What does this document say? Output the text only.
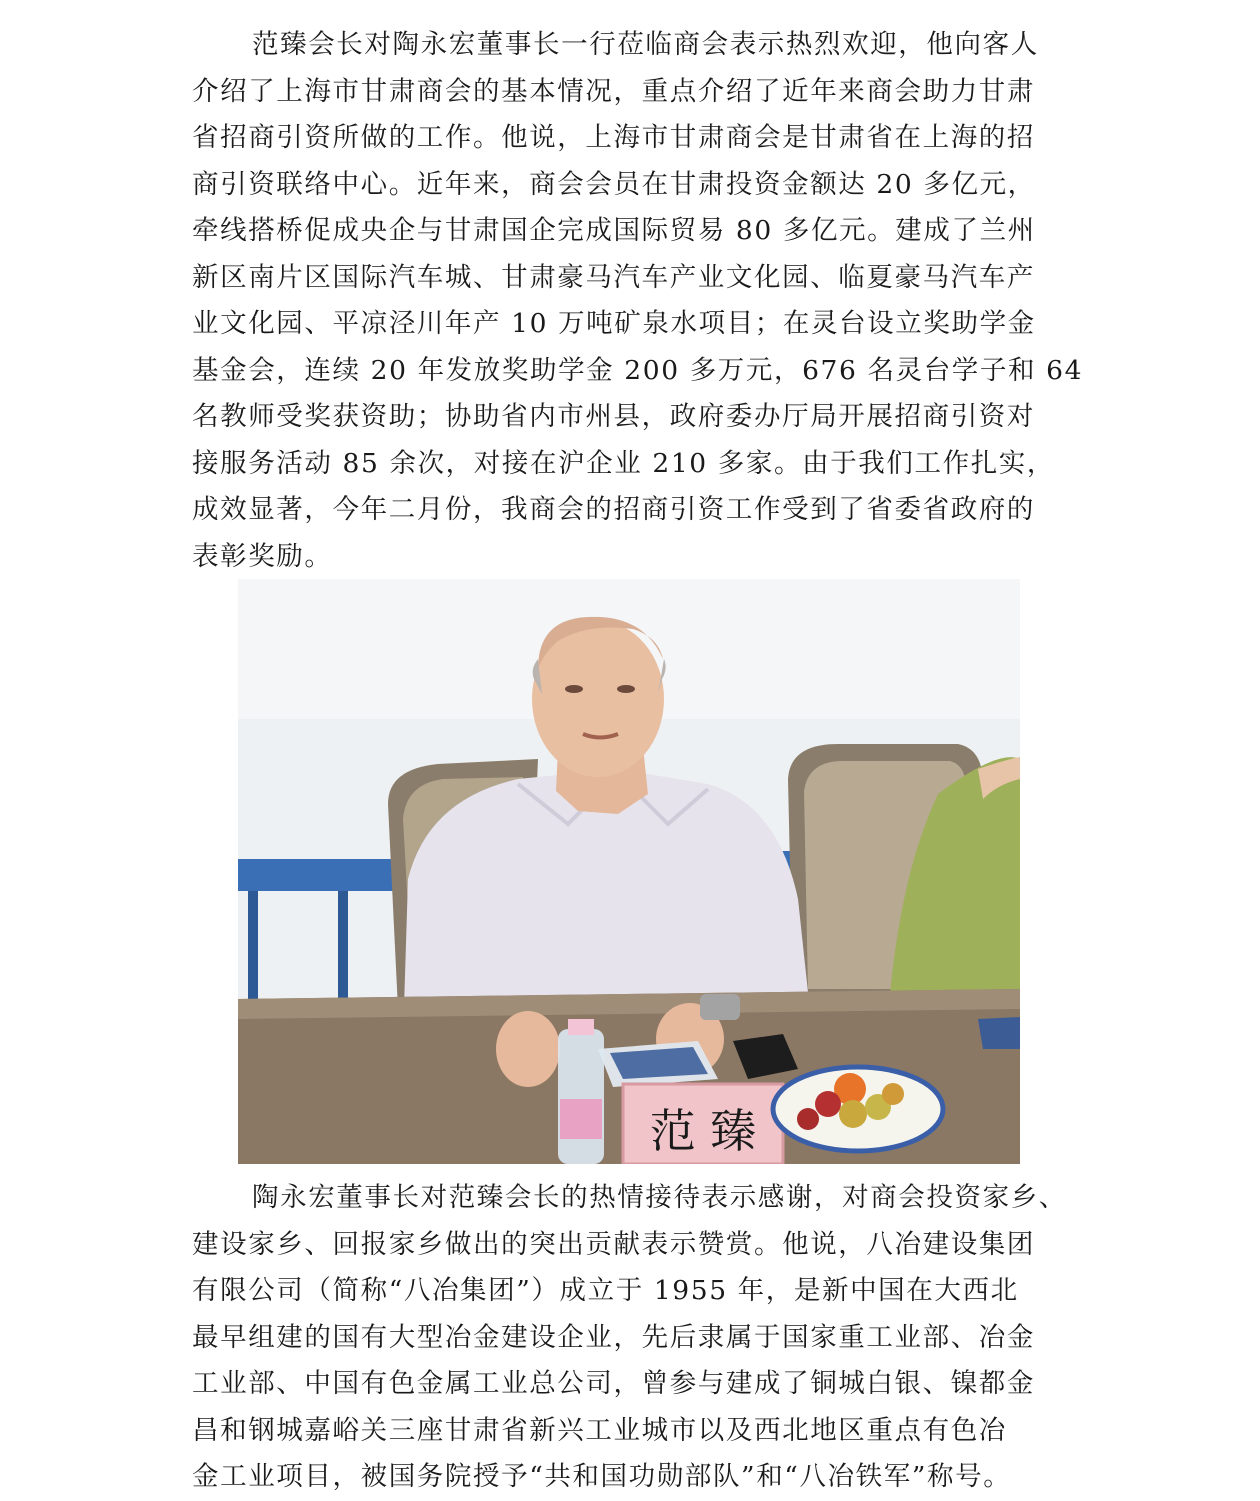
范臻会长对陶永宏董事长一行莅临商会表示热烈欢迎，他向客人
介绍了上海市甘肃商会的基本情况，重点介绍了近年来商会助力甘肃
省招商引资所做的工作。他说，上海市甘肃商会是甘肃省在上海的招
商引资联络中心。近年来，商会会员在甘肃投资金额达 20 多亿元，
牵线搭桥促成央企与甘肃国企完成国际贸易 80 多亿元。建成了兰州
新区南片区国际汽车城、甘肃豪马汽车产业文化园、临夏豪马汽车产
业文化园、平凉泾川年产 10 万吨矿泉水项目；在灵台设立奖助学金
基金会，连续 20 年发放奖助学金 200 多万元，676 名灵台学子和 64
名教师受奖获资助；协助省内市州县，政府委办厅局开展招商引资对
接服务活动 85 余次，对接在沪企业 210 多家。由于我们工作扎实，
成效显著，今年二月份，我商会的招商引资工作受到了省委省政府的
表彰奖励。
范 臻
陶永宏董事长对范臻会长的热情接待表示感谢，对商会投资家乡、
建设家乡、回报家乡做出的突出贡献表示赞赏。他说，八冶建设集团
有限公司（简称“八冶集团”）成立于 1955 年，是新中国在大西北
最早组建的国有大型冶金建设企业，先后隶属于国家重工业部、冶金
工业部、中国有色金属工业总公司，曾参与建成了铜城白银、镍都金
昌和钢城嘉峪关三座甘肃省新兴工业城市以及西北地区重点有色冶
金工业项目，被国务院授予“共和国功勋部队”和“八冶铁军”称号。
